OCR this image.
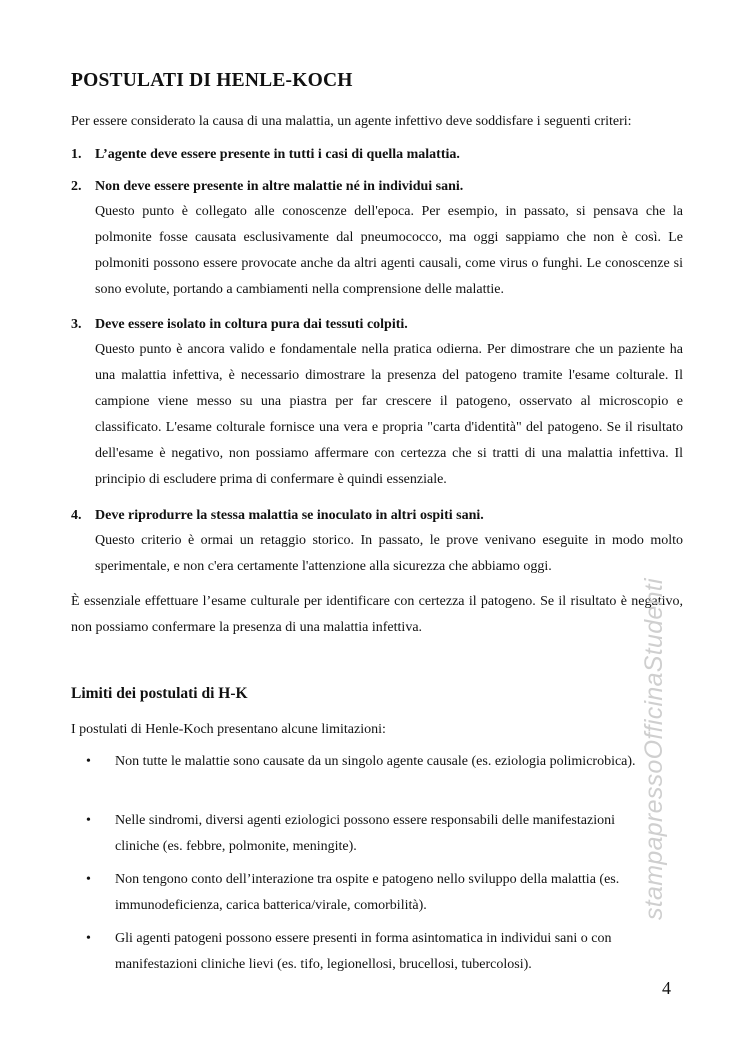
POSTULATI DI HENLE-KOCH

Per essere considerato la causa di una malattia, un agente infettivo deve soddisfare i seguenti criteri:

1. L’agente deve essere presente in tutti i casi di quella malattia.
2. Non deve essere presente in altre malattie né in individui sani.

Questo punto è collegato alle conoscenze dell'epoca. Per esempio, in passato, si pensava che la polmonite fosse causata esclusivamente dal pneumococco, ma oggi sappiamo che non è così. Le polmoniti possono essere provocate anche da altri agenti causali, come virus o funghi. Le conoscenze si sono evolute, portando a cambiamenti nella comprensione delle malattie.

3. Deve essere isolato in coltura pura dai tessuti colpiti.

Questo punto è ancora valido e fondamentale nella pratica odierna. Per dimostrare che un paziente ha una malattia infettiva, è necessario dimostrare la presenza del patogeno tramite l'esame colturale. Il campione viene messo su una piastra per far crescere il patogeno, osservato al microscopio e classificato. L'esame colturale fornisce una vera e propria "carta d'identità" del patogeno. Se il risultato dell'esame è negativo, non possiamo affermare con certezza che si tratti di una malattia infettiva. Il principio di escludere prima di confermare è quindi essenziale.

4. Deve riprodurre la stessa malattia se inoculato in altri ospiti sani.

Questo criterio è ormai un retaggio storico. In passato, le prove venivano eseguite in modo molto sperimentale, e non c'era certamente l'attenzione alla sicurezza che abbiamo oggi.

È essenziale effettuare l’esame culturale per identificare con certezza il patogeno. Se il risultato è negativo, non possiamo confermare la presenza di una malattia infettiva.

Limiti dei postulati di H-K

I postulati di Henle-Koch presentano alcune limitazioni:

• Non tutte le malattie sono causate da un singolo agente causale (es. eziologia polimicrobica).

• Nelle sindromi, diversi agenti eziologici possono essere responsabili delle manifestazioni cliniche (es. febbre, polmonite, meningite).

• Non tengono conto dell’interazione tra ospite e patogeno nello sviluppo della malattia (es. immunodeficienza, carica batterica/virale, comorbilità).

• Gli agenti patogeni possono essere presenti in forma asintomatica in individui sani o con manifestazioni cliniche lievi (es. tifo, legionellosi, brucellosi, tubercolosi).

stampapressoOfficinaStudenti

4
